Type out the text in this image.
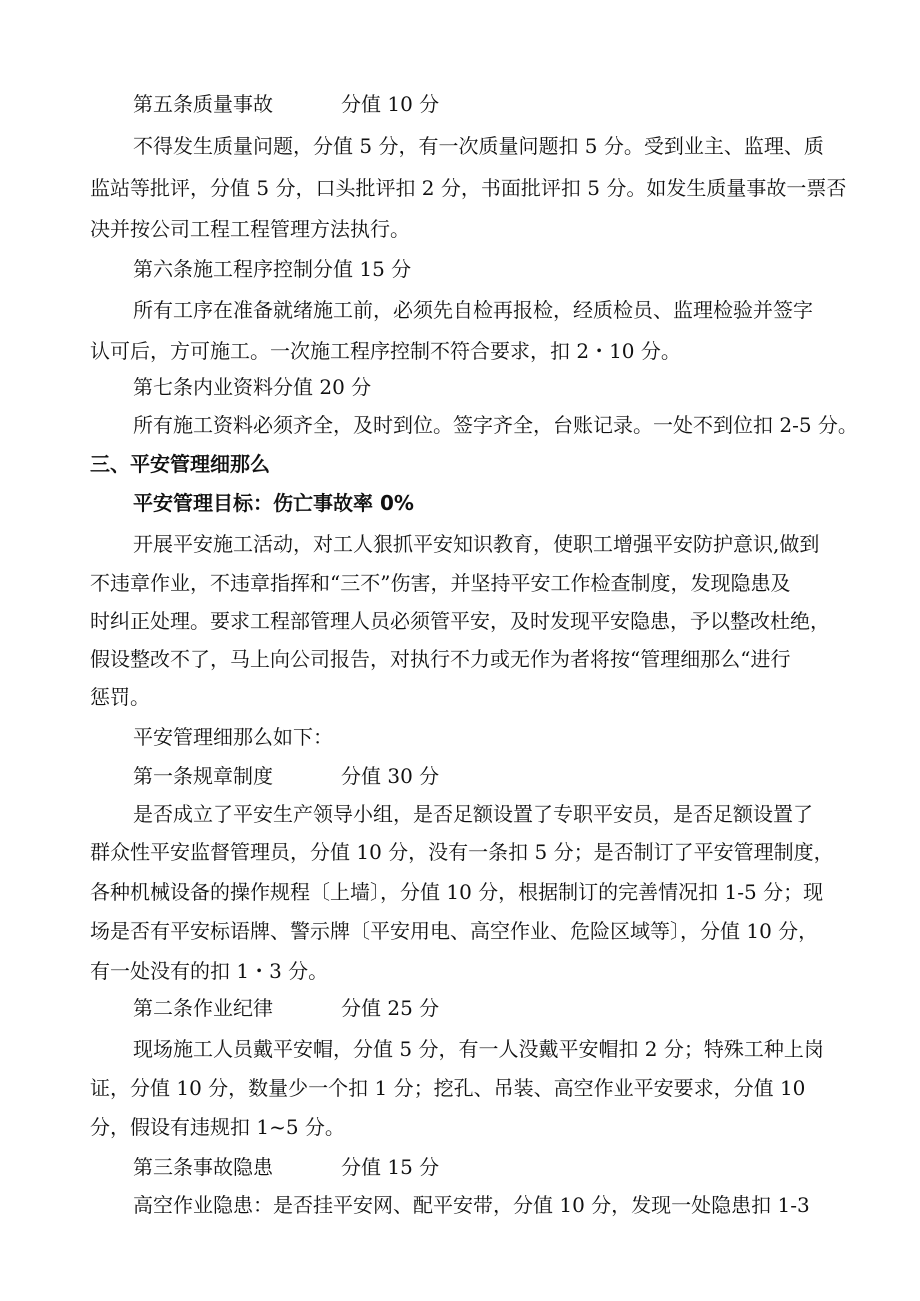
第五条质量事故	分值 10 分
不得发生质量问题，分值 5 分，有一次质量问题扣 5 分。受到业主、监理、质
监站等批评，分值 5 分，口头批评扣 2 分，书面批评扣 5 分。如发生质量事故一票否
决并按公司工程工程管理方法执行。
第六条施工程序控制分值 15 分
所有工序在准备就绪施工前，必须先自检再报检，经质检员、监理检验并签字
认可后，方可施工。一次施工程序控制不符合要求，扣 2・10 分。
第七条内业资料分值 20 分
所有施工资料必须齐全，及时到位。签字齐全，台账记录。一处不到位扣 2-5 分。
三、平安管理细那么
平安管理目标：伤亡事故率 0%
开展平安施工活动，对工人狠抓平安知识教育，使职工增强平安防护意识,做到
不违章作业，不违章指挥和“三不”伤害，并坚持平安工作检查制度，发现隐患及
时纠正处理。要求工程部管理人员必须管平安，及时发现平安隐患，予以整改杜绝，
假设整改不了，马上向公司报告，对执行不力或无作为者将按“管理细那么“进行
惩罚。
平安管理细那么如下：
第一条规章制度	分值 30 分
是否成立了平安生产领导小组，是否足额设置了专职平安员，是否足额设置了
群众性平安监督管理员，分值 10 分，没有一条扣 5 分；是否制订了平安管理制度，
各种机械设备的操作规程〔上墙〕，分值 10 分，根据制订的完善情况扣 1-5 分；现
场是否有平安标语牌、警示牌〔平安用电、高空作业、危险区域等〕，分值 10 分，
有一处没有的扣 1・3 分。
第二条作业纪律	分值 25 分
现场施工人员戴平安帽，分值 5 分，有一人没戴平安帽扣 2 分；特殊工种上岗
证，分值 10 分，数量少一个扣 1 分；挖孔、吊装、高空作业平安要求，分值 10
分，假设有违规扣 1~5 分。
第三条事故隐患	分值 15 分
高空作业隐患：是否挂平安网、配平安带，分值 10 分，发现一处隐患扣 1-3
